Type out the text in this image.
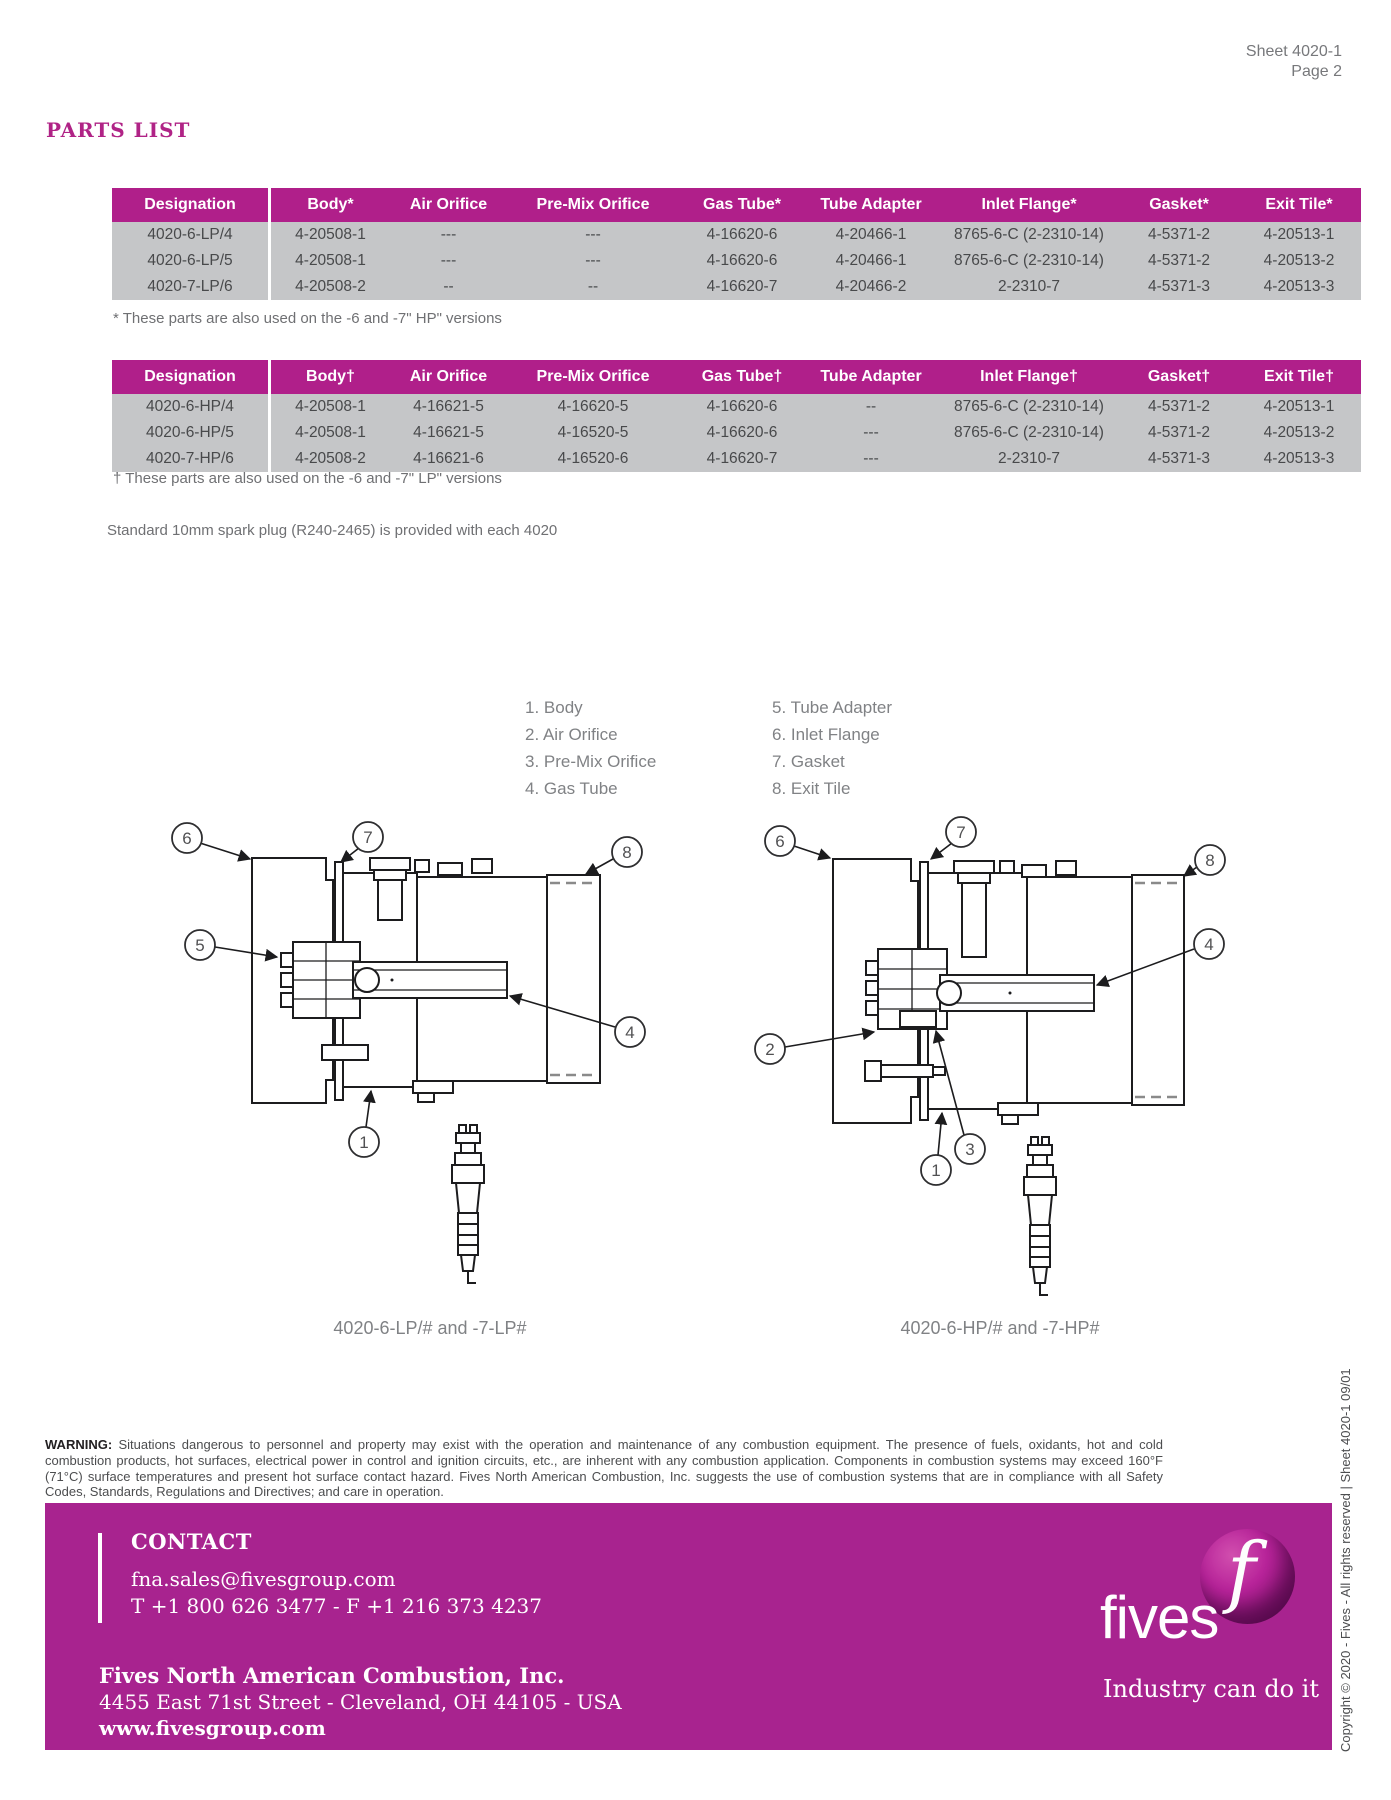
Sheet 4020-1
Page 2
PARTS LIST
Designation	Body*	Air Orifice	Pre-Mix Orifice	Gas Tube*	Tube Adapter	Inlet Flange*	Gasket*	Exit Tile*
4020-6-LP/4	4-20508-1	---	---	4-16620-6	4-20466-1	8765-6-C (2-2310-14)	4-5371-2	4-20513-1
4020-6-LP/5	4-20508-1	---	---	4-16620-6	4-20466-1	8765-6-C (2-2310-14)	4-5371-2	4-20513-2
4020-7-LP/6	4-20508-2	--	--	4-16620-7	4-20466-2	2-2310-7	4-5371-3	4-20513-3
* These parts are also used on the -6 and -7" HP" versions
Designation	Body†	Air Orifice	Pre-Mix Orifice	Gas Tube†	Tube Adapter	Inlet Flange†	Gasket†	Exit Tile†
4020-6-HP/4	4-20508-1	4-16621-5	4-16620-5	4-16620-6	--	8765-6-C (2-2310-14)	4-5371-2	4-20513-1
4020-6-HP/5	4-20508-1	4-16621-5	4-16520-5	4-16620-6	---	8765-6-C (2-2310-14)	4-5371-2	4-20513-2
4020-7-HP/6	4-20508-2	4-16621-6	4-16520-6	4-16620-7	---	2-2310-7	4-5371-3	4-20513-3
† These parts are also used on the -6 and -7" LP" versions
Standard 10mm spark plug (R240-2465) is provided with each 4020
1. Body
2. Air Orifice
3. Pre-Mix Orifice
4. Gas Tube
5. Tube Adapter
6. Inlet Flange
7. Gasket
8. Exit Tile
6	7
8
5
4
1
6	7
8
4
2
3
1
4020-6-LP/# and -7-LP#	4020-6-HP/# and -7-HP#

WARNING: Situations dangerous to personnel and property may exist with the operation and maintenance of any combustion equipment. The presence of fuels, oxidants, hot and cold combustion products, hot surfaces, electrical power in control and ignition circuits, etc., are inherent with any combustion application. Components in combustion systems may exceed 160°F (71°C) surface temperatures and present hot surface contact hazard. Fives North American Combustion, Inc. suggests the use of combustion systems that are in compliance with all Safety Codes, Standards, Regulations and Directives; and care in operation.

CONTACT
fna.sales@fivesgroup.com
T +1 800 626 3477 - F +1 216 373 4237
Fives North American Combustion, Inc.
4455 East 71st Street - Cleveland, OH 44105 - USA
www.fivesgroup.com
f
fives
Industry can do it Copyright © 2020 - Fives - All rights reserved | Sheet 4020-1 09/01
